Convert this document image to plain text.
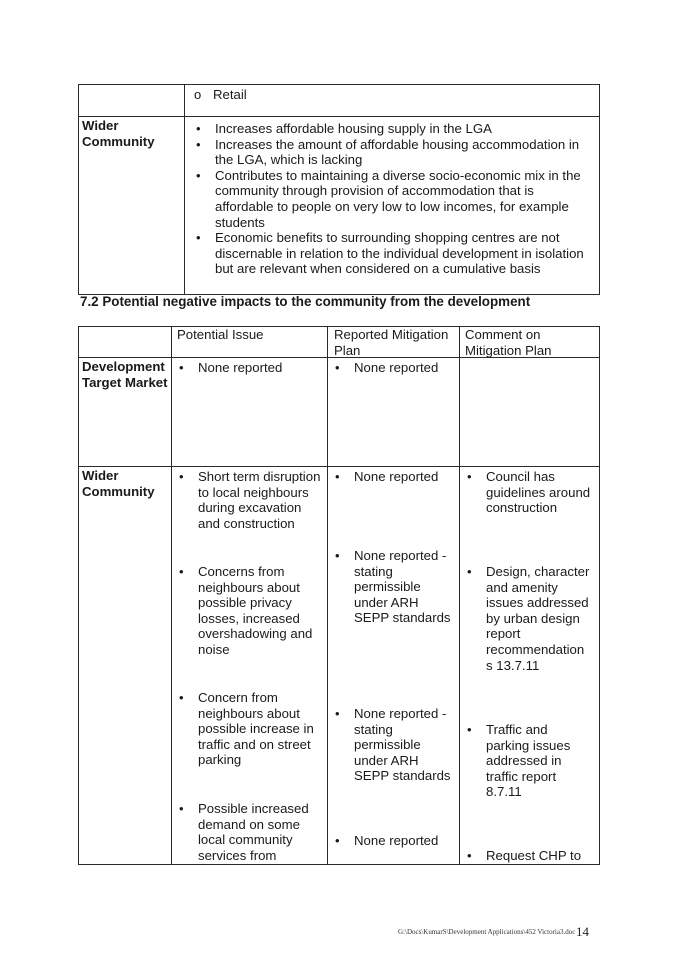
o Retail
Wider Community
• Increases affordable housing supply in the LGA
• Increases the amount of affordable housing accommodation in the LGA, which is lacking
• Contributes to maintaining a diverse socio-economic mix in the community through provision of accommodation that is affordable to people on very low to low incomes, for example students
• Economic benefits to surrounding shopping centres are not discernable in relation to the individual development in isolation but are relevant when considered on a cumulative basis
7.2 Potential negative impacts to the community from the development
Potential Issue	Reported Mitigation Plan
Comment on Mitigation Plan
Development Target Market
• None reported
•	None reported
Wider Community
• Short term disruption to local neighbours during excavation and construction
• Concerns from neighbours about possible privacy losses, increased overshadowing and noise
• Concern from neighbours about possible increase in traffic and on street parking
• Possible increased demand on some local community services from
• None reported
• None reported - stating permissible under ARH SEPP standards
• None reported - stating permissible under ARH SEPP standards
• None reported
• Council has guidelines around construction
• Design, character and amenity issues addressed by urban design report recommendation s 13.7.11
• Traffic and parking issues addressed in traffic report 8.7.11
• Request CHP to
G:\Docs\KumarS\Development Applications\452 Victoria3.doc 14
